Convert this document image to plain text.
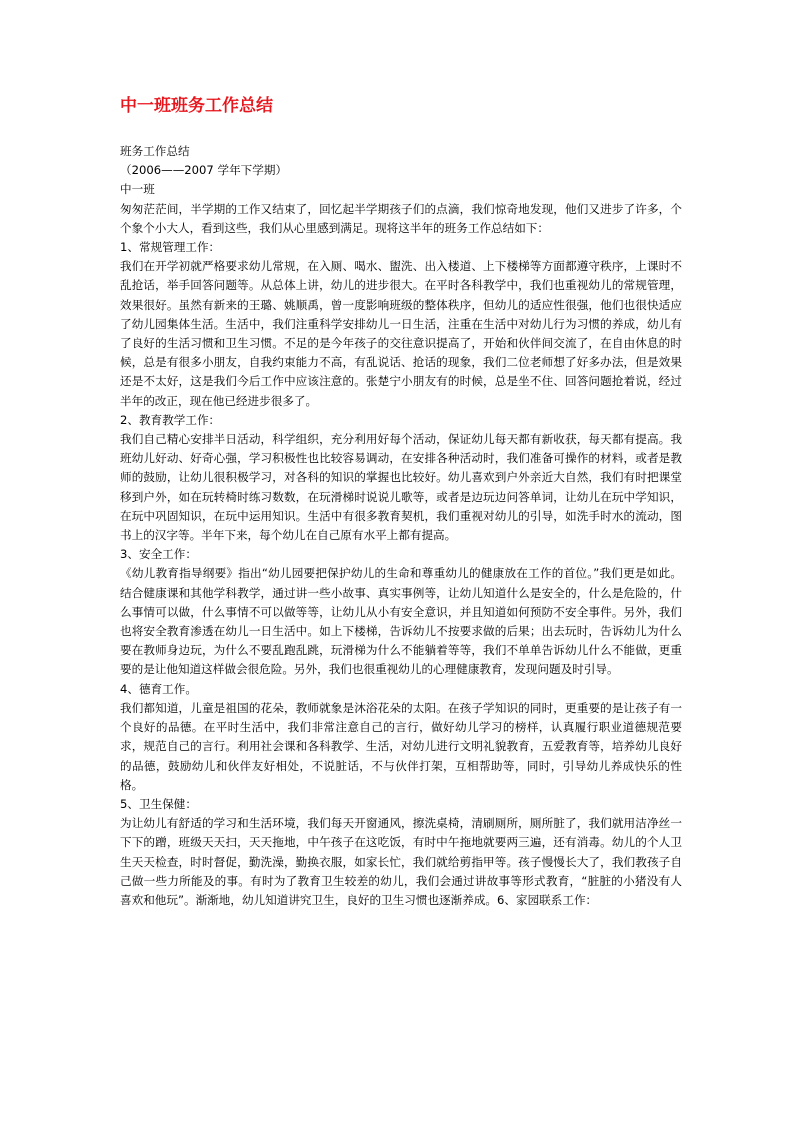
中一班班务工作总结

班务工作总结

（2006——2007 学年下学期）

中一班

匆匆茫茫间，半学期的工作又结束了，回忆起半学期孩子们的点滴，我们惊奇地发现，他们又进步了许多，个个象个小大人，看到这些，我们从心里感到满足。现将这半年的班务工作总结如下：

1、常规管理工作：

我们在开学初就严格要求幼儿常规，在入厕、喝水、盥洗、出入楼道、上下楼梯等方面都遵守秩序，上课时不乱抢话，举手回答问题等。从总体上讲，幼儿的进步很大。在平时各科教学中，我们也重视幼儿的常规管理，效果很好。虽然有新来的王璐、姚顺禹，曾一度影响班级的整体秩序，但幼儿的适应性很强，他们也很快适应了幼儿园集体生活。生活中，我们注重科学安排幼儿一日生活，注重在生活中对幼儿行为习惯的养成，幼儿有了良好的生活习惯和卫生习惯。不足的是今年孩子的交往意识提高了，开始和伙伴间交流了，在自由休息的时候，总是有很多小朋友，自我约束能力不高，有乱说话、抢话的现象，我们二位老师想了好多办法，但是效果还是不太好，这是我们今后工作中应该注意的。张楚宁小朋友有的时候，总是坐不住、回答问题抢着说，经过半年的改正，现在他已经进步很多了。

2、教育教学工作：

我们自己精心安排半日活动，科学组织，充分利用好每个活动，保证幼儿每天都有新收获，每天都有提高。我班幼儿好动、好奇心强，学习积极性也比较容易调动，在安排各种活动时，我们准备可操作的材料，或者是教师的鼓励，让幼儿很积极学习，对各科的知识的掌握也比较好。幼儿喜欢到户外亲近大自然，我们有时把课堂移到户外，如在玩转椅时练习数数，在玩滑梯时说说儿歌等，或者是边玩边问答单词，让幼儿在玩中学知识，在玩中巩固知识，在玩中运用知识。生活中有很多教育契机，我们重视对幼儿的引导，如洗手时水的流动，图书上的汉字等。半年下来，每个幼儿在自己原有水平上都有提高。

3、安全工作：

《幼儿教育指导纲要》指出“幼儿园要把保护幼儿的生命和尊重幼儿的健康放在工作的首位。”我们更是如此。结合健康课和其他学科教学，通过讲一些小故事、真实事例等，让幼儿知道什么是安全的，什么是危险的，什么事情可以做，什么事情不可以做等等，让幼儿从小有安全意识，并且知道如何预防不安全事件。另外，我们也将安全教育渗透在幼儿一日生活中。如上下楼梯，告诉幼儿不按要求做的后果；出去玩时，告诉幼儿为什么要在教师身边玩，为什么不要乱跑乱跳，玩滑梯为什么不能躺着等等，我们不单单告诉幼儿什么不能做，更重要的是让他知道这样做会很危险。另外，我们也很重视幼儿的心理健康教育，发现问题及时引导。

4、德育工作。

我们都知道，儿童是祖国的花朵，教师就象是沐浴花朵的太阳。在孩子学知识的同时，更重要的是让孩子有一个良好的品德。在平时生活中，我们非常注意自己的言行，做好幼儿学习的榜样，认真履行职业道德规范要求，规范自己的言行。利用社会课和各科教学、生活，对幼儿进行文明礼貌教育，五爱教育等，培养幼儿良好的品德，鼓励幼儿和伙伴友好相处，不说脏话，不与伙伴打架，互相帮助等，同时，引导幼儿养成快乐的性格。

5、卫生保健：

为让幼儿有舒适的学习和生活环境，我们每天开窗通风，擦洗桌椅，清刷厕所，厕所脏了，我们就用洁净丝一下下的蹭，班级天天扫，天天拖地，中午孩子在这吃饭，有时中午拖地就要两三遍，还有消毒。幼儿的个人卫生天天检查，时时督促，勤洗澡，勤换衣服，如家长忙，我们就给剪指甲等。孩子慢慢长大了，我们教孩子自己做一些力所能及的事。有时为了教育卫生较差的幼儿，我们会通过讲故事等形式教育，“脏脏的小猪没有人喜欢和他玩”。渐渐地，幼儿知道讲究卫生，良好的卫生习惯也逐渐养成。6、家园联系工作：
